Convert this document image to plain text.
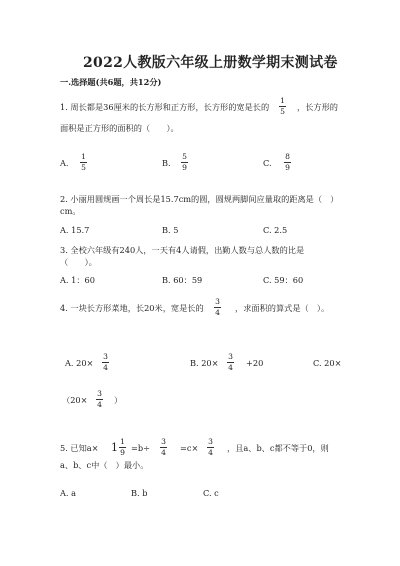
2022人教版六年级上册数学期末测试卷
一.选择题(共6题，共12分)
1. 周长都是36厘米的长方形和正方形，长方形的宽是长的
1
5 ，长方形的
面积是正方形的面积的（　　）。
A.
1
5	B.
5
9	C.
8
9
2. 小丽用圆规画一个周长是15.7cm的圆，圆规两脚间应量取的距离是（　）
cm。
A. 15.7	B. 5	C. 2.5
3. 全校六年级有240人，一天有4人请假，出勤人数与总人数的比是
（　　）。
A. 1：60	B. 60：59	C. 59：60
4. 一块长方形菜地，长20米，宽是长的
3
4 ，求面积的算式是（　）。
A. 20×
3
4	B. 20×
3
4 +20	C. 20×
（20×
3
4 ）
5. 已知a× 1 1
9 =b÷
3
4 =c×
3
4 ，且a、b、c都不等于0，则
a、b、c中（　）最小。
A. a	B. b	C. c
